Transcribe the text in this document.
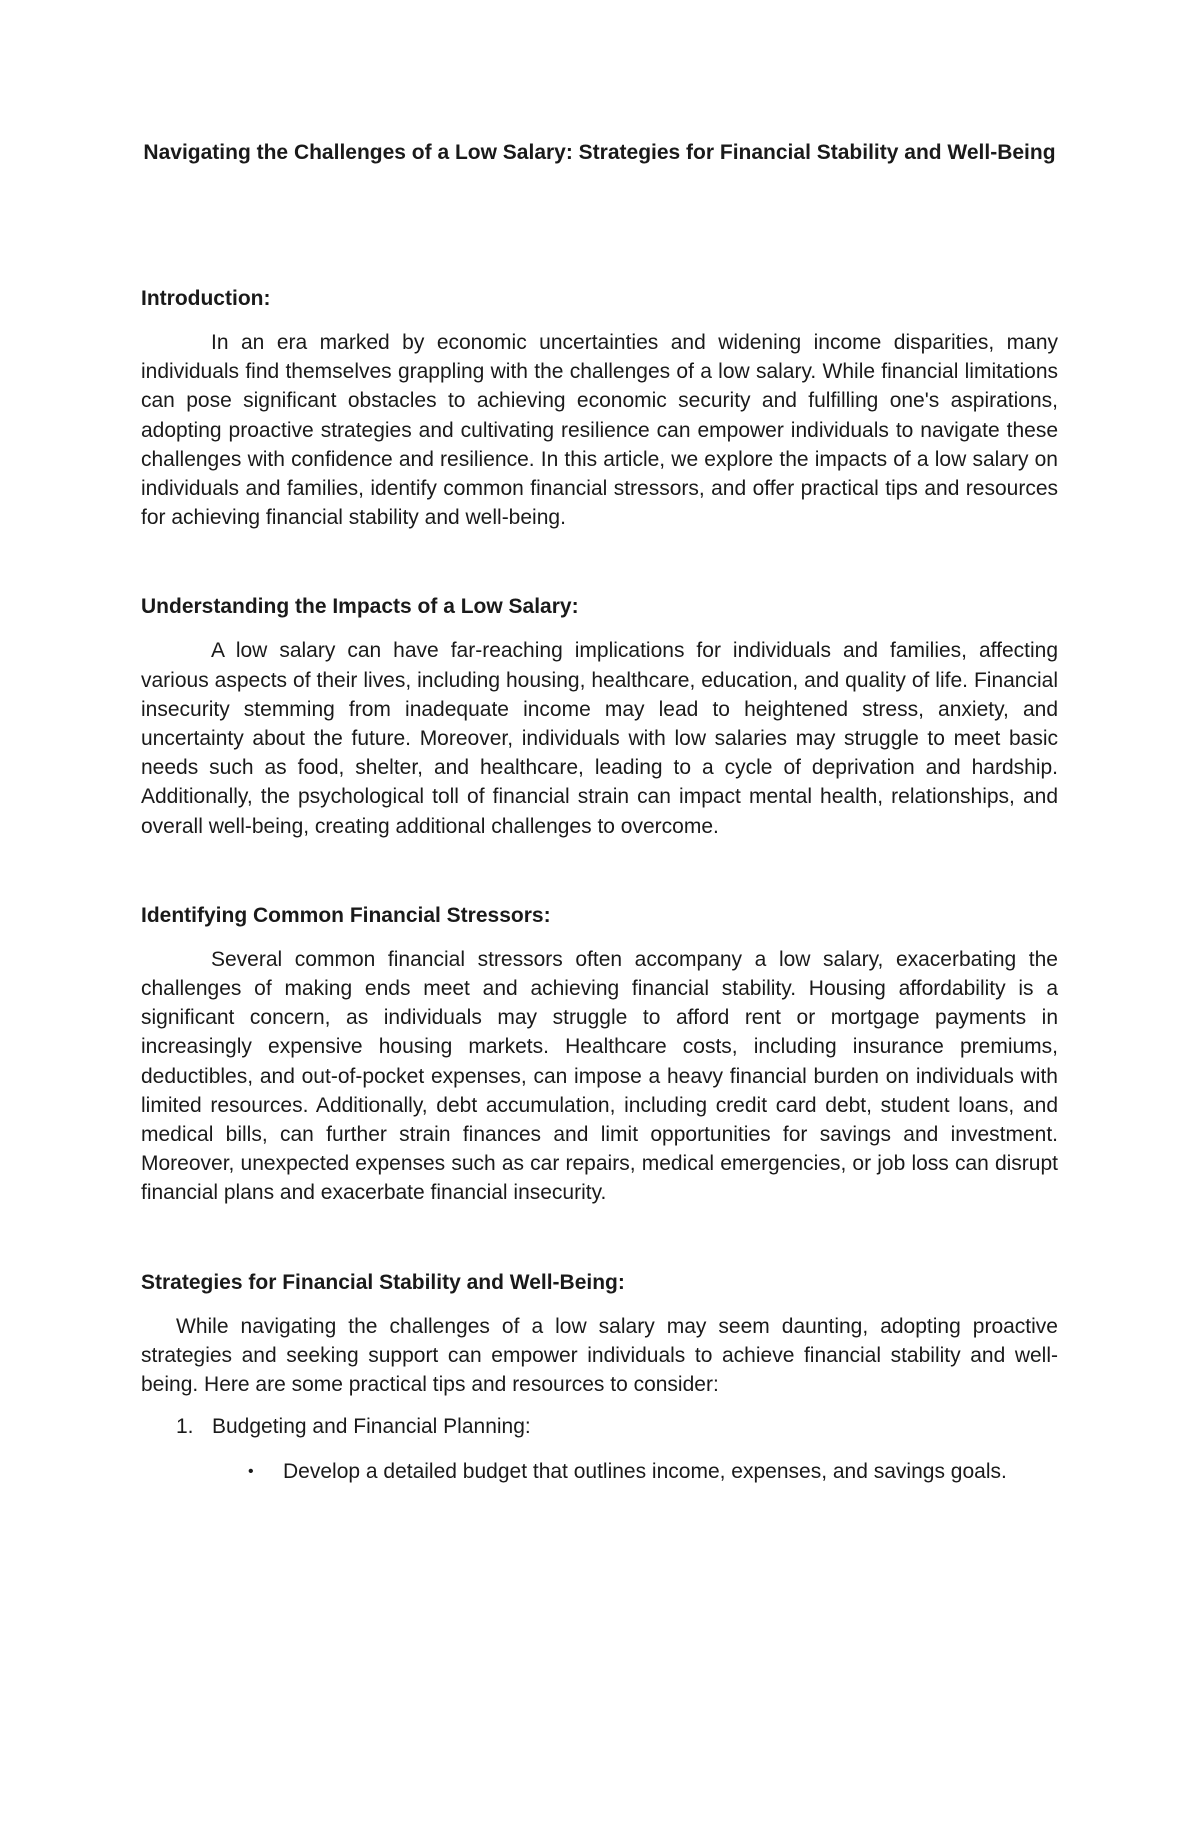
Navigating the Challenges of a Low Salary: Strategies for Financial Stability and Well-Being
Introduction:

In an era marked by economic uncertainties and widening income disparities, many individuals find themselves grappling with the challenges of a low salary. While financial limitations can pose significant obstacles to achieving economic security and fulfilling one's aspirations, adopting proactive strategies and cultivating resilience can empower individuals to navigate these challenges with confidence and resilience. In this article, we explore the impacts of a low salary on individuals and families, identify common financial stressors, and offer practical tips and resources for achieving financial stability and well-being.

Understanding the Impacts of a Low Salary:

A low salary can have far-reaching implications for individuals and families, affecting various aspects of their lives, including housing, healthcare, education, and quality of life. Financial insecurity stemming from inadequate income may lead to heightened stress, anxiety, and uncertainty about the future. Moreover, individuals with low salaries may struggle to meet basic needs such as food, shelter, and healthcare, leading to a cycle of deprivation and hardship. Additionally, the psychological toll of financial strain can impact mental health, relationships, and overall well-being, creating additional challenges to overcome.

Identifying Common Financial Stressors:

Several common financial stressors often accompany a low salary, exacerbating the challenges of making ends meet and achieving financial stability. Housing affordability is a significant concern, as individuals may struggle to afford rent or mortgage payments in increasingly expensive housing markets. Healthcare costs, including insurance premiums, deductibles, and out-of-pocket expenses, can impose a heavy financial burden on individuals with limited resources. Additionally, debt accumulation, including credit card debt, student loans, and medical bills, can further strain finances and limit opportunities for savings and investment. Moreover, unexpected expenses such as car repairs, medical emergencies, or job loss can disrupt financial plans and exacerbate financial insecurity.

Strategies for Financial Stability and Well-Being:

While navigating the challenges of a low salary may seem daunting, adopting proactive strategies and seeking support can empower individuals to achieve financial stability and well-being. Here are some practical tips and resources to consider:

1. Budgeting and Financial Planning:
•	Develop a detailed budget that outlines income, expenses, and savings goals.
